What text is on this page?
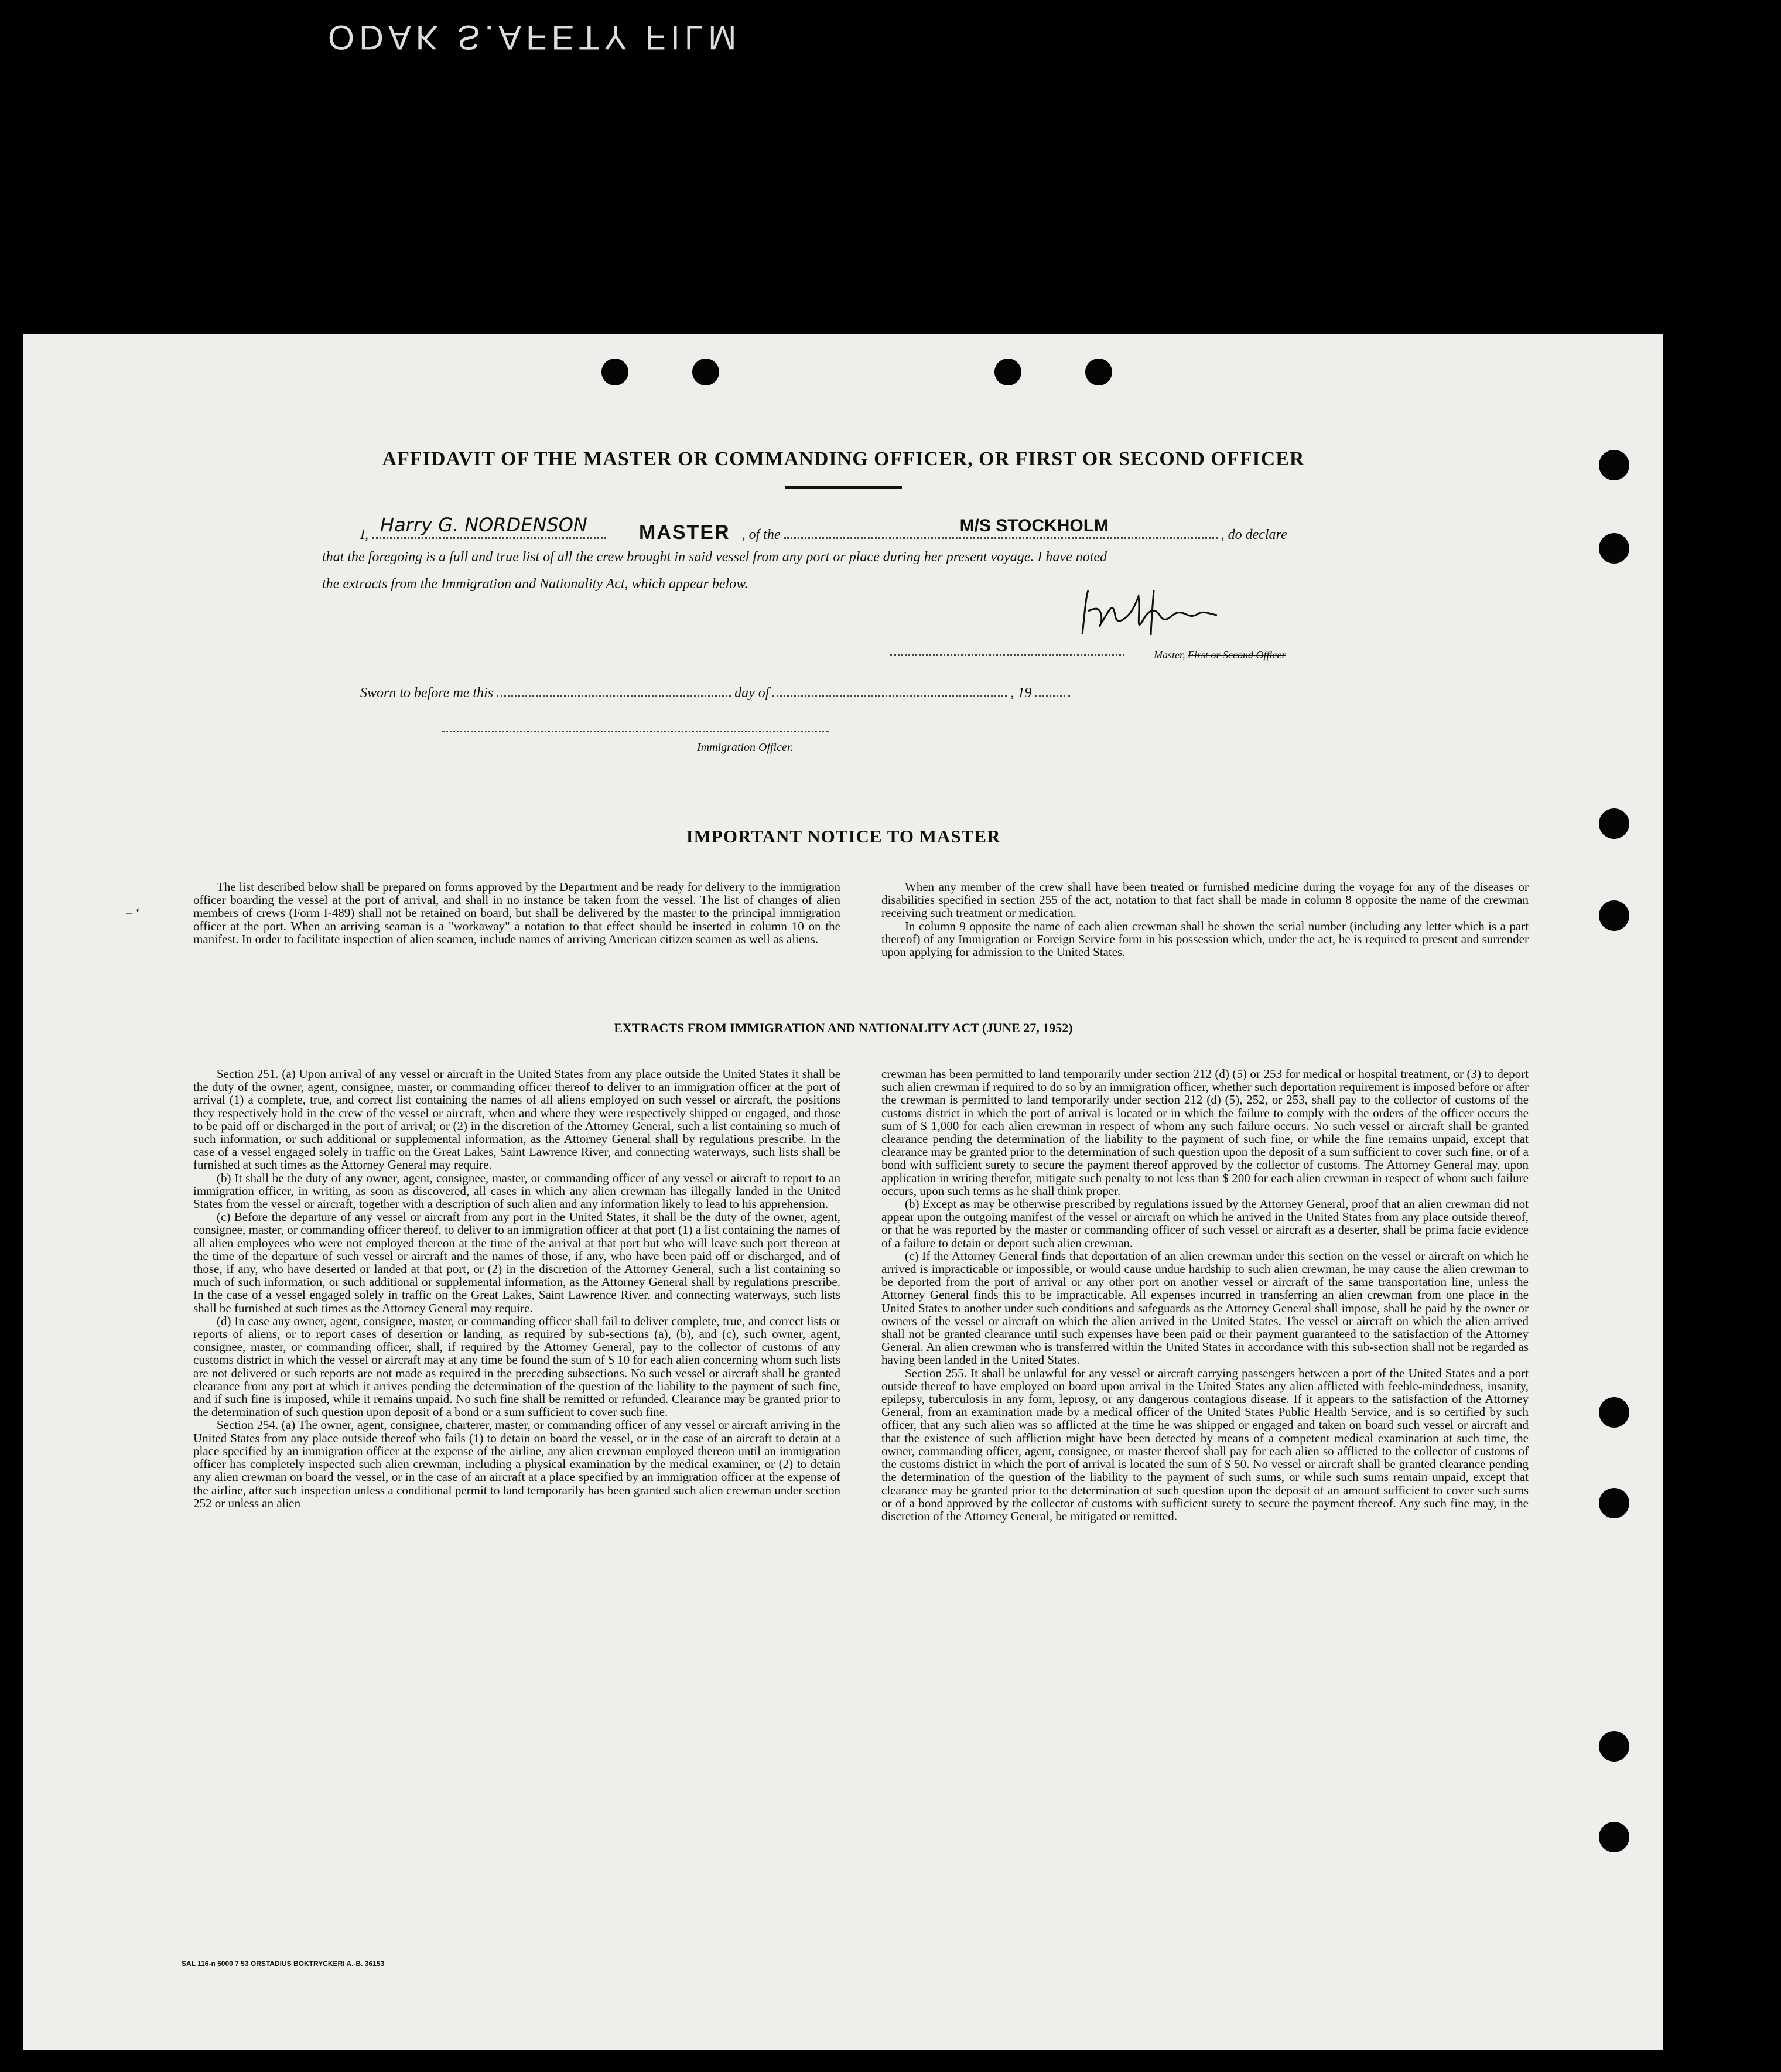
ODAK S.AFETY FILM
AFFIDAVIT OF THE MASTER OR COMMANDING OFFICER, OR FIRST OR SECOND OFFICER
I, Harry G. NORDENSON	MASTER , of the	M/S STOCKHOLM	, do declare
that the foregoing is a full and true list of all the crew brought in said vessel from any port or place during her present voyage. I have noted
the extracts from the Immigration and Nationality Act, which appear below.
Master, First or Second Officer
Sworn to before me this	day of	, 19
Immigration Officer.
IMPORTANT NOTICE TO MASTER

The list described below shall be prepared on forms approved by the Department and be ready for delivery to the immigration officer boarding the vessel at the port of arrival, and shall in no instance be taken from the vessel. The list of changes of alien members of crews (Form I-489) shall not be retained on board, but shall be delivered by the master to the principal immigration officer at the port. When an arriving seaman is a "workaway" a notation to that effect should be inserted in column 10 on the manifest. In order to facilitate inspection of alien seamen, include names of arriving American citizen seamen as well as aliens.

When any member of the crew shall have been treated or furnished medicine during the voyage for any of the diseases or disabilities specified in section 255 of the act, notation to that fact shall be made in column 8 opposite the name of the crewman receiving such treatment or medication.

In column 9 opposite the name of each alien crewman shall be shown the serial number (including any letter which is a part thereof) of any Immigration or Foreign Service form in his possession which, under the act, he is required to present and surrender upon applying for admission to the United States.

– ‘
EXTRACTS FROM IMMIGRATION AND NATIONALITY ACT (JUNE 27, 1952)

Section 251. (a) Upon arrival of any vessel or aircraft in the United States from any place outside the United States it shall be the duty of the owner, agent, consignee, master, or commanding officer thereof to deliver to an immigration officer at the port of arrival (1) a complete, true, and correct list containing the names of all aliens employed on such vessel or aircraft, the positions they respectively hold in the crew of the vessel or aircraft, when and where they were respectively shipped or engaged, and those to be paid off or discharged in the port of arrival; or (2) in the discretion of the Attorney General, such a list containing so much of such information, or such additional or supplemental information, as the Attorney General shall by regulations prescribe. In the case of a vessel engaged solely in traffic on the Great Lakes, Saint Lawrence River, and connecting waterways, such lists shall be furnished at such times as the Attorney General may require.

(b) It shall be the duty of any owner, agent, consignee, master, or commanding officer of any vessel or aircraft to report to an immigration officer, in writing, as soon as discovered, all cases in which any alien crewman has illegally landed in the United States from the vessel or aircraft, together with a description of such alien and any information likely to lead to his apprehension.

(c) Before the departure of any vessel or aircraft from any port in the United States, it shall be the duty of the owner, agent, consignee, master, or commanding officer thereof, to deliver to an immigration officer at that port (1) a list containing the names of all alien employees who were not employed thereon at the time of the arrival at that port but who will leave such port thereon at the time of the departure of such vessel or aircraft and the names of those, if any, who have been paid off or discharged, and of those, if any, who have deserted or landed at that port, or (2) in the discretion of the Attorney General, such a list containing so much of such information, or such additional or supplemental information, as the Attorney General shall by regulations prescribe. In the case of a vessel engaged solely in traffic on the Great Lakes, Saint Lawrence River, and connecting waterways, such lists shall be furnished at such times as the Attorney General may require.

(d) In case any owner, agent, consignee, master, or commanding officer shall fail to deliver complete, true, and correct lists or reports of aliens, or to report cases of desertion or landing, as required by sub-sections (a), (b), and (c), such owner, agent, consignee, master, or commanding officer, shall, if required by the Attorney General, pay to the collector of customs of any customs district in which the vessel or aircraft may at any time be found the sum of $ 10 for each alien concerning whom such lists are not delivered or such reports are not made as required in the preceding subsections. No such vessel or aircraft shall be granted clearance from any port at which it arrives pending the determination of the question of the liability to the payment of such fine, and if such fine is imposed, while it remains unpaid. No such fine shall be remitted or refunded. Clearance may be granted prior to the determination of such question upon deposit of a bond or a sum sufficient to cover such fine.

Section 254. (a) The owner, agent, consignee, charterer, master, or commanding officer of any vessel or aircraft arriving in the United States from any place outside thereof who fails (1) to detain on board the vessel, or in the case of an aircraft to detain at a place specified by an immigration officer at the expense of the airline, any alien crewman employed thereon until an immigration officer has completely inspected such alien crewman, including a physical examination by the medical examiner, or (2) to detain any alien crewman on board the vessel, or in the case of an aircraft at a place specified by an immigration officer at the expense of the airline, after such inspection unless a conditional permit to land temporarily has been granted such alien crewman under section 252 or unless an alien

crewman has been permitted to land temporarily under section 212 (d) (5) or 253 for medical or hospital treatment, or (3) to deport such alien crewman if required to do so by an immigration officer, whether such deportation requirement is imposed before or after the crewman is permitted to land temporarily under section 212 (d) (5), 252, or 253, shall pay to the collector of customs of the customs district in which the port of arrival is located or in which the failure to comply with the orders of the officer occurs the sum of $ 1,000 for each alien crewman in respect of whom any such failure occurs. No such vessel or aircraft shall be granted clearance pending the determination of the liability to the payment of such fine, or while the fine remains unpaid, except that clearance may be granted prior to the determination of such question upon the deposit of a sum sufficient to cover such fine, or of a bond with sufficient surety to secure the payment thereof approved by the collector of customs. The Attorney General may, upon application in writing therefor, mitigate such penalty to not less than $ 200 for each alien crewman in respect of whom such failure occurs, upon such terms as he shall think proper.

(b) Except as may be otherwise prescribed by regulations issued by the Attorney General, proof that an alien crewman did not appear upon the outgoing manifest of the vessel or aircraft on which he arrived in the United States from any place outside thereof, or that he was reported by the master or commanding officer of such vessel or aircraft as a deserter, shall be prima facie evidence of a failure to detain or deport such alien crewman.

(c) If the Attorney General finds that deportation of an alien crewman under this section on the vessel or aircraft on which he arrived is impracticable or impossible, or would cause undue hardship to such alien crewman, he may cause the alien crewman to be deported from the port of arrival or any other port on another vessel or aircraft of the same transportation line, unless the Attorney General finds this to be impracticable. All expenses incurred in transferring an alien crewman from one place in the United States to another under such conditions and safeguards as the Attorney General shall impose, shall be paid by the owner or owners of the vessel or aircraft on which the alien arrived in the United States. The vessel or aircraft on which the alien arrived shall not be granted clearance until such expenses have been paid or their payment guaranteed to the satisfaction of the Attorney General. An alien crewman who is transferred within the United States in accordance with this sub-section shall not be regarded as having been landed in the United States.

Section 255. It shall be unlawful for any vessel or aircraft carrying passengers between a port of the United States and a port outside thereof to have employed on board upon arrival in the United States any alien afflicted with feeble-mindedness, insanity, epilepsy, tuberculosis in any form, leprosy, or any dangerous contagious disease. If it appears to the satisfaction of the Attorney General, from an examination made by a medical officer of the United States Public Health Service, and is so certified by such officer, that any such alien was so afflicted at the time he was shipped or engaged and taken on board such vessel or aircraft and that the existence of such affliction might have been detected by means of a competent medical examination at such time, the owner, commanding officer, agent, consignee, or master thereof shall pay for each alien so afflicted to the collector of customs of the customs district in which the port of arrival is located the sum of $ 50. No vessel or aircraft shall be granted clearance pending the determination of the question of the liability to the payment of such sums, or while such sums remain unpaid, except that clearance may be granted prior to the determination of such question upon the deposit of an amount sufficient to cover such sums or of a bond approved by the collector of customs with sufficient surety to secure the payment thereof. Any such fine may, in the discretion of the Attorney General, be mitigated or remitted.

SAL 116-n 5000 7 53 ORSTADIUS BOKTRYCKERI A.-B. 36153
